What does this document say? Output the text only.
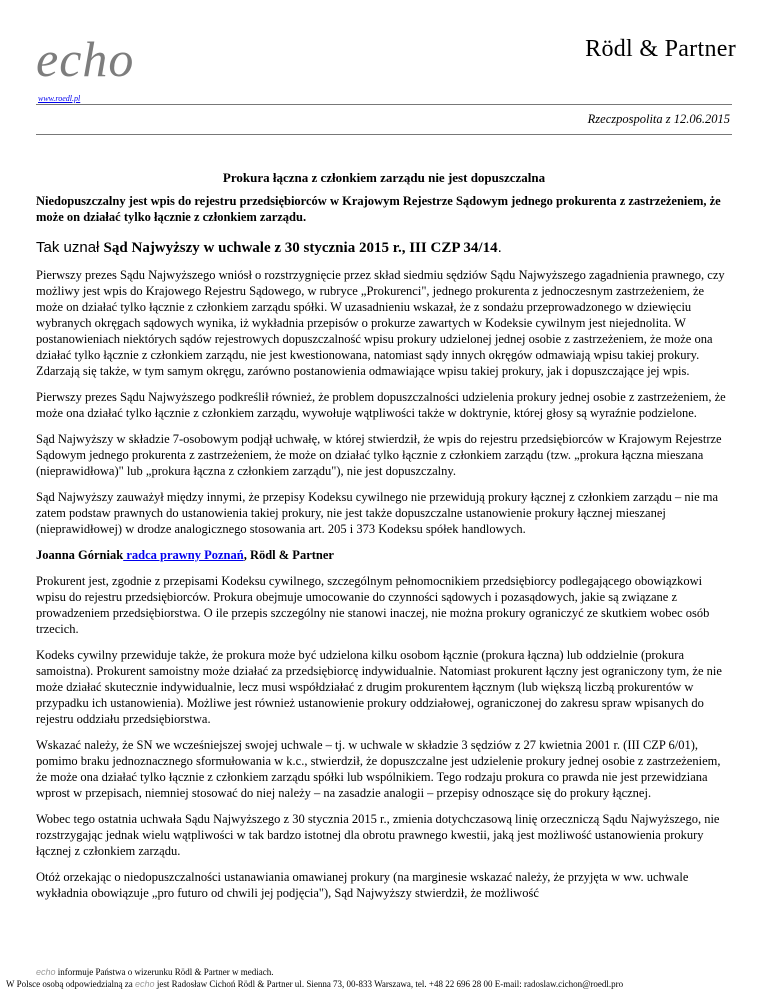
echo
www.roedl.pl
Rödl & Partner
Rzeczpospolita z 12.06.2015
Prokura łączna z członkiem zarządu nie jest dopuszczalna

Niedopuszczalny jest wpis do rejestru przedsiębiorców w Krajowym Rejestrze Sądowym jednego prokurenta z zastrzeżeniem, że może on działać tylko łącznie z członkiem zarządu.

Tak uznał Sąd Najwyższy w uchwale z 30 stycznia 2015 r., III CZP 34/14.

Pierwszy prezes Sądu Najwyższego wniósł o rozstrzygnięcie przez skład siedmiu sędziów Sądu Najwyższego zagadnienia prawnego, czy możliwy jest wpis do Krajowego Rejestru Sądowego, w rubryce „Prokurenci", jednego prokurenta z jednoczesnym zastrzeżeniem, że może on działać tylko łącznie z członkiem zarządu spółki. W uzasadnieniu wskazał, że z sondażu przeprowadzonego w dziewięciu wybranych okręgach sądowych wynika, iż wykładnia przepisów o prokurze zawartych w Kodeksie cywilnym jest niejednolita. W postanowieniach niektórych sądów rejestrowych dopuszczalność wpisu prokury udzielonej jednej osobie z zastrzeżeniem, że może ona działać tylko łącznie z członkiem zarządu, nie jest kwestionowana, natomiast sądy innych okręgów odmawiają wpisu takiej prokury. Zdarzają się także, w tym samym okręgu, zarówno postanowienia odmawiające wpisu takiej prokury, jak i dopuszczające jej wpis.

Pierwszy prezes Sądu Najwyższego podkreślił również, że problem dopuszczalności udzielenia prokury jednej osobie z zastrzeżeniem, że może ona działać tylko łącznie z członkiem zarządu, wywołuje wątpliwości także w doktrynie, której głosy są wyraźnie podzielone.

Sąd Najwyższy w składzie 7-osobowym podjął uchwałę, w której stwierdził, że wpis do rejestru przedsiębiorców w Krajowym Rejestrze Sądowym jednego prokurenta z zastrzeżeniem, że może on działać tylko łącznie z członkiem zarządu (tzw. „prokura łączna mieszana (nieprawidłowa)" lub „prokura łączna z członkiem zarządu"), nie jest dopuszczalny.

Sąd Najwyższy zauważył między innymi, że przepisy Kodeksu cywilnego nie przewidują prokury łącznej z członkiem zarządu – nie ma zatem podstaw prawnych do ustanowienia takiej prokury, nie jest także dopuszczalne ustanowienie prokury łącznej mieszanej (nieprawidłowej) w drodze analogicznego stosowania art. 205 i 373 Kodeksu spółek handlowych.

Joanna Górniak radca prawny Poznań, Rödl & Partner

Prokurent jest, zgodnie z przepisami Kodeksu cywilnego, szczególnym pełnomocnikiem przedsiębiorcy podlegającego obowiązkowi wpisu do rejestru przedsiębiorców. Prokura obejmuje umocowanie do czynności sądowych i pozasądowych, jakie są związane z prowadzeniem przedsiębiorstwa. O ile przepis szczególny nie stanowi inaczej, nie można prokury ograniczyć ze skutkiem wobec osób trzecich.

Kodeks cywilny przewiduje także, że prokura może być udzielona kilku osobom łącznie (prokura łączna) lub oddzielnie (prokura samoistna). Prokurent samoistny może działać za przedsiębiorcę indywidualnie. Natomiast prokurent łączny jest ograniczony tym, że nie może działać skutecznie indywidualnie, lecz musi współdziałać z drugim prokurentem łącznym (lub większą liczbą prokurentów w przypadku ich ustanowienia). Możliwe jest również ustanowienie prokury oddziałowej, ograniczonej do zakresu spraw wpisanych do rejestru oddziału przedsiębiorstwa.

Wskazać należy, że SN we wcześniejszej swojej uchwale – tj. w uchwale w składzie 3 sędziów z 27 kwietnia 2001 r. (III CZP 6/01), pomimo braku jednoznacznego sformułowania w k.c., stwierdził, że dopuszczalne jest udzielenie prokury jednej osobie z zastrzeżeniem, że może ona działać tylko łącznie z członkiem zarządu spółki lub wspólnikiem. Tego rodzaju prokura co prawda nie jest przewidziana wprost w przepisach, niemniej stosować do niej należy – na zasadzie analogii – przepisy odnoszące się do prokury łącznej.

Wobec tego ostatnia uchwała Sądu Najwyższego z 30 stycznia 2015 r., zmienia dotychczasową linię orzeczniczą Sądu Najwyższego, nie rozstrzygając jednak wielu wątpliwości w tak bardzo istotnej dla obrotu prawnego kwestii, jaką jest możliwość ustanowienia prokury łącznej z członkiem zarządu.

Otóż orzekając o niedopuszczalności ustanawiania omawianej prokury (na marginesie wskazać należy, że przyjęta w ww. uchwale wykładnia obowiązuje „pro futuro od chwili jej podjęcia"), Sąd Najwyższy stwierdził, że możliwość

echo informuje Państwa o wizerunku Rödl & Partner w mediach.
W Polsce osobą odpowiedzialną za echo jest Radosław Cichoń Rödl & Partner ul. Sienna 73, 00-833 Warszawa, tel. +48 22 696 28 00 E-mail: radoslaw.cichon@roedl.pro
